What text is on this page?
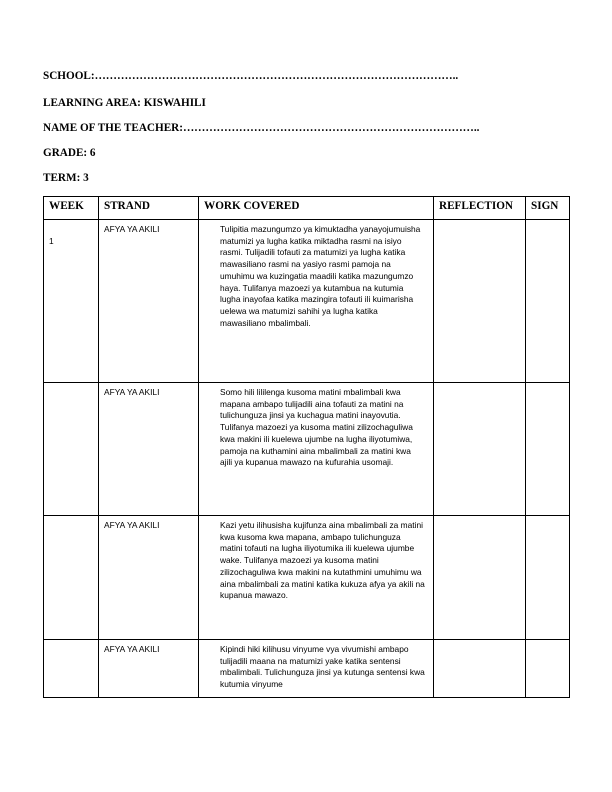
SCHOOL:……………………………………………………………………………………..
LEARNING AREA: KISWAHILI
NAME OF THE TEACHER:……………………………………………………………………..
GRADE: 6
TERM: 3
WEEK	STRAND	WORK COVERED	REFLECTION	SIGN
1	AFYA YA AKILI	Tulipitia mazungumzo ya kimuktadha yanayojumuisha matumizi ya lugha katika miktadha rasmi na isiyo rasmi. Tulijadili tofauti za matumizi ya lugha katika mawasiliano rasmi na yasiyo rasmi pamoja na umuhimu wa kuzingatia maadili katika mazungumzo haya. Tulifanya mazoezi ya kutambua na kutumia lugha inayofaa katika mazingira tofauti ili kuimarisha uelewa wa matumizi sahihi ya lugha katika mawasiliano mbalimbali.		
	AFYA YA AKILI	Somo hili lililenga kusoma matini mbalimbali kwa mapana ambapo tulijadili aina tofauti za matini na tulichunguza jinsi ya kuchagua matini inayovutia. Tulifanya mazoezi ya kusoma matini zilizochaguliwa kwa makini ili kuelewa ujumbe na lugha iliyotumiwa, pamoja na kuthamini aina mbalimbali za matini kwa ajili ya kupanua mawazo na kufurahia usomaji.		
	AFYA YA AKILI	Kazi yetu ilihusisha kujifunza aina mbalimbali za matini kwa kusoma kwa mapana, ambapo tulichunguza matini tofauti na lugha iliyotumika ili kuelewa ujumbe wake. Tulifanya mazoezi ya kusoma matini zilizochaguliwa kwa makini na kutathmini umuhimu wa aina mbalimbali za matini katika kukuza afya ya akili na kupanua mawazo.		
	AFYA YA AKILI	Kipindi hiki kilihusu vinyume vya vivumishi ambapo tulijadili maana na matumizi yake katika sentensi mbalimbali. Tulichunguza jinsi ya kutunga sentensi kwa kutumia vinyume		
